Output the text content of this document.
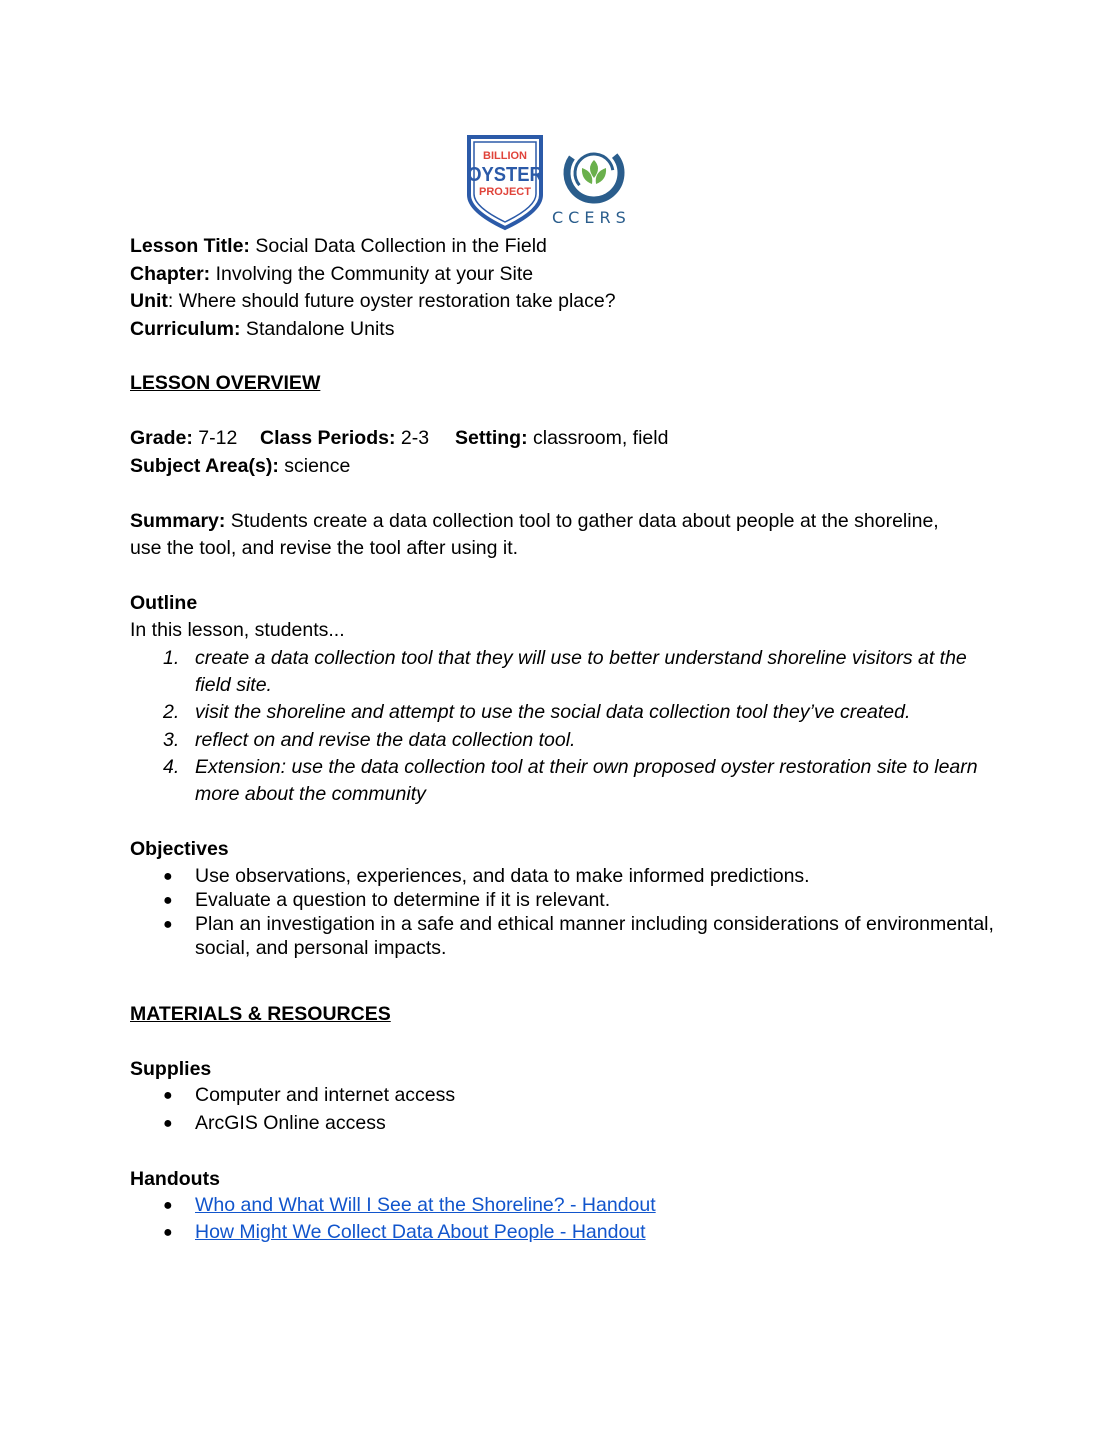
BILLION
OYSTER
PROJECT
CCERS
Lesson Title: Social Data Collection in the Field
Chapter: Involving the Community at your Site
Unit: Where should future oyster restoration take place?
Curriculum: Standalone Units
LESSON OVERVIEW
Grade: 7-12 Class Periods: 2-3 Setting: classroom, field
Subject Area(s): science
Summary: Students create a data collection tool to gather data about people at the shoreline,
use the tool, and revise the tool after using it.
Outline
In this lesson, students...
1. create a data collection tool that they will use to better understand shoreline visitors at the
field site.
2. visit the shoreline and attempt to use the social data collection tool they’ve created.
3. reflect on and revise the data collection tool.
4. Extension: use the data collection tool at their own proposed oyster restoration site to learn
more about the community
Objectives
● Use observations, experiences, and data to make informed predictions.
● Evaluate a question to determine if it is relevant.
● Plan an investigation in a safe and ethical manner including considerations of environmental,
social, and personal impacts.
MATERIALS & RESOURCES
Supplies
● Computer and internet access
● ArcGIS Online access
Handouts
● Who and What Will I See at the Shoreline? - Handout
● How Might We Collect Data About People - Handout
